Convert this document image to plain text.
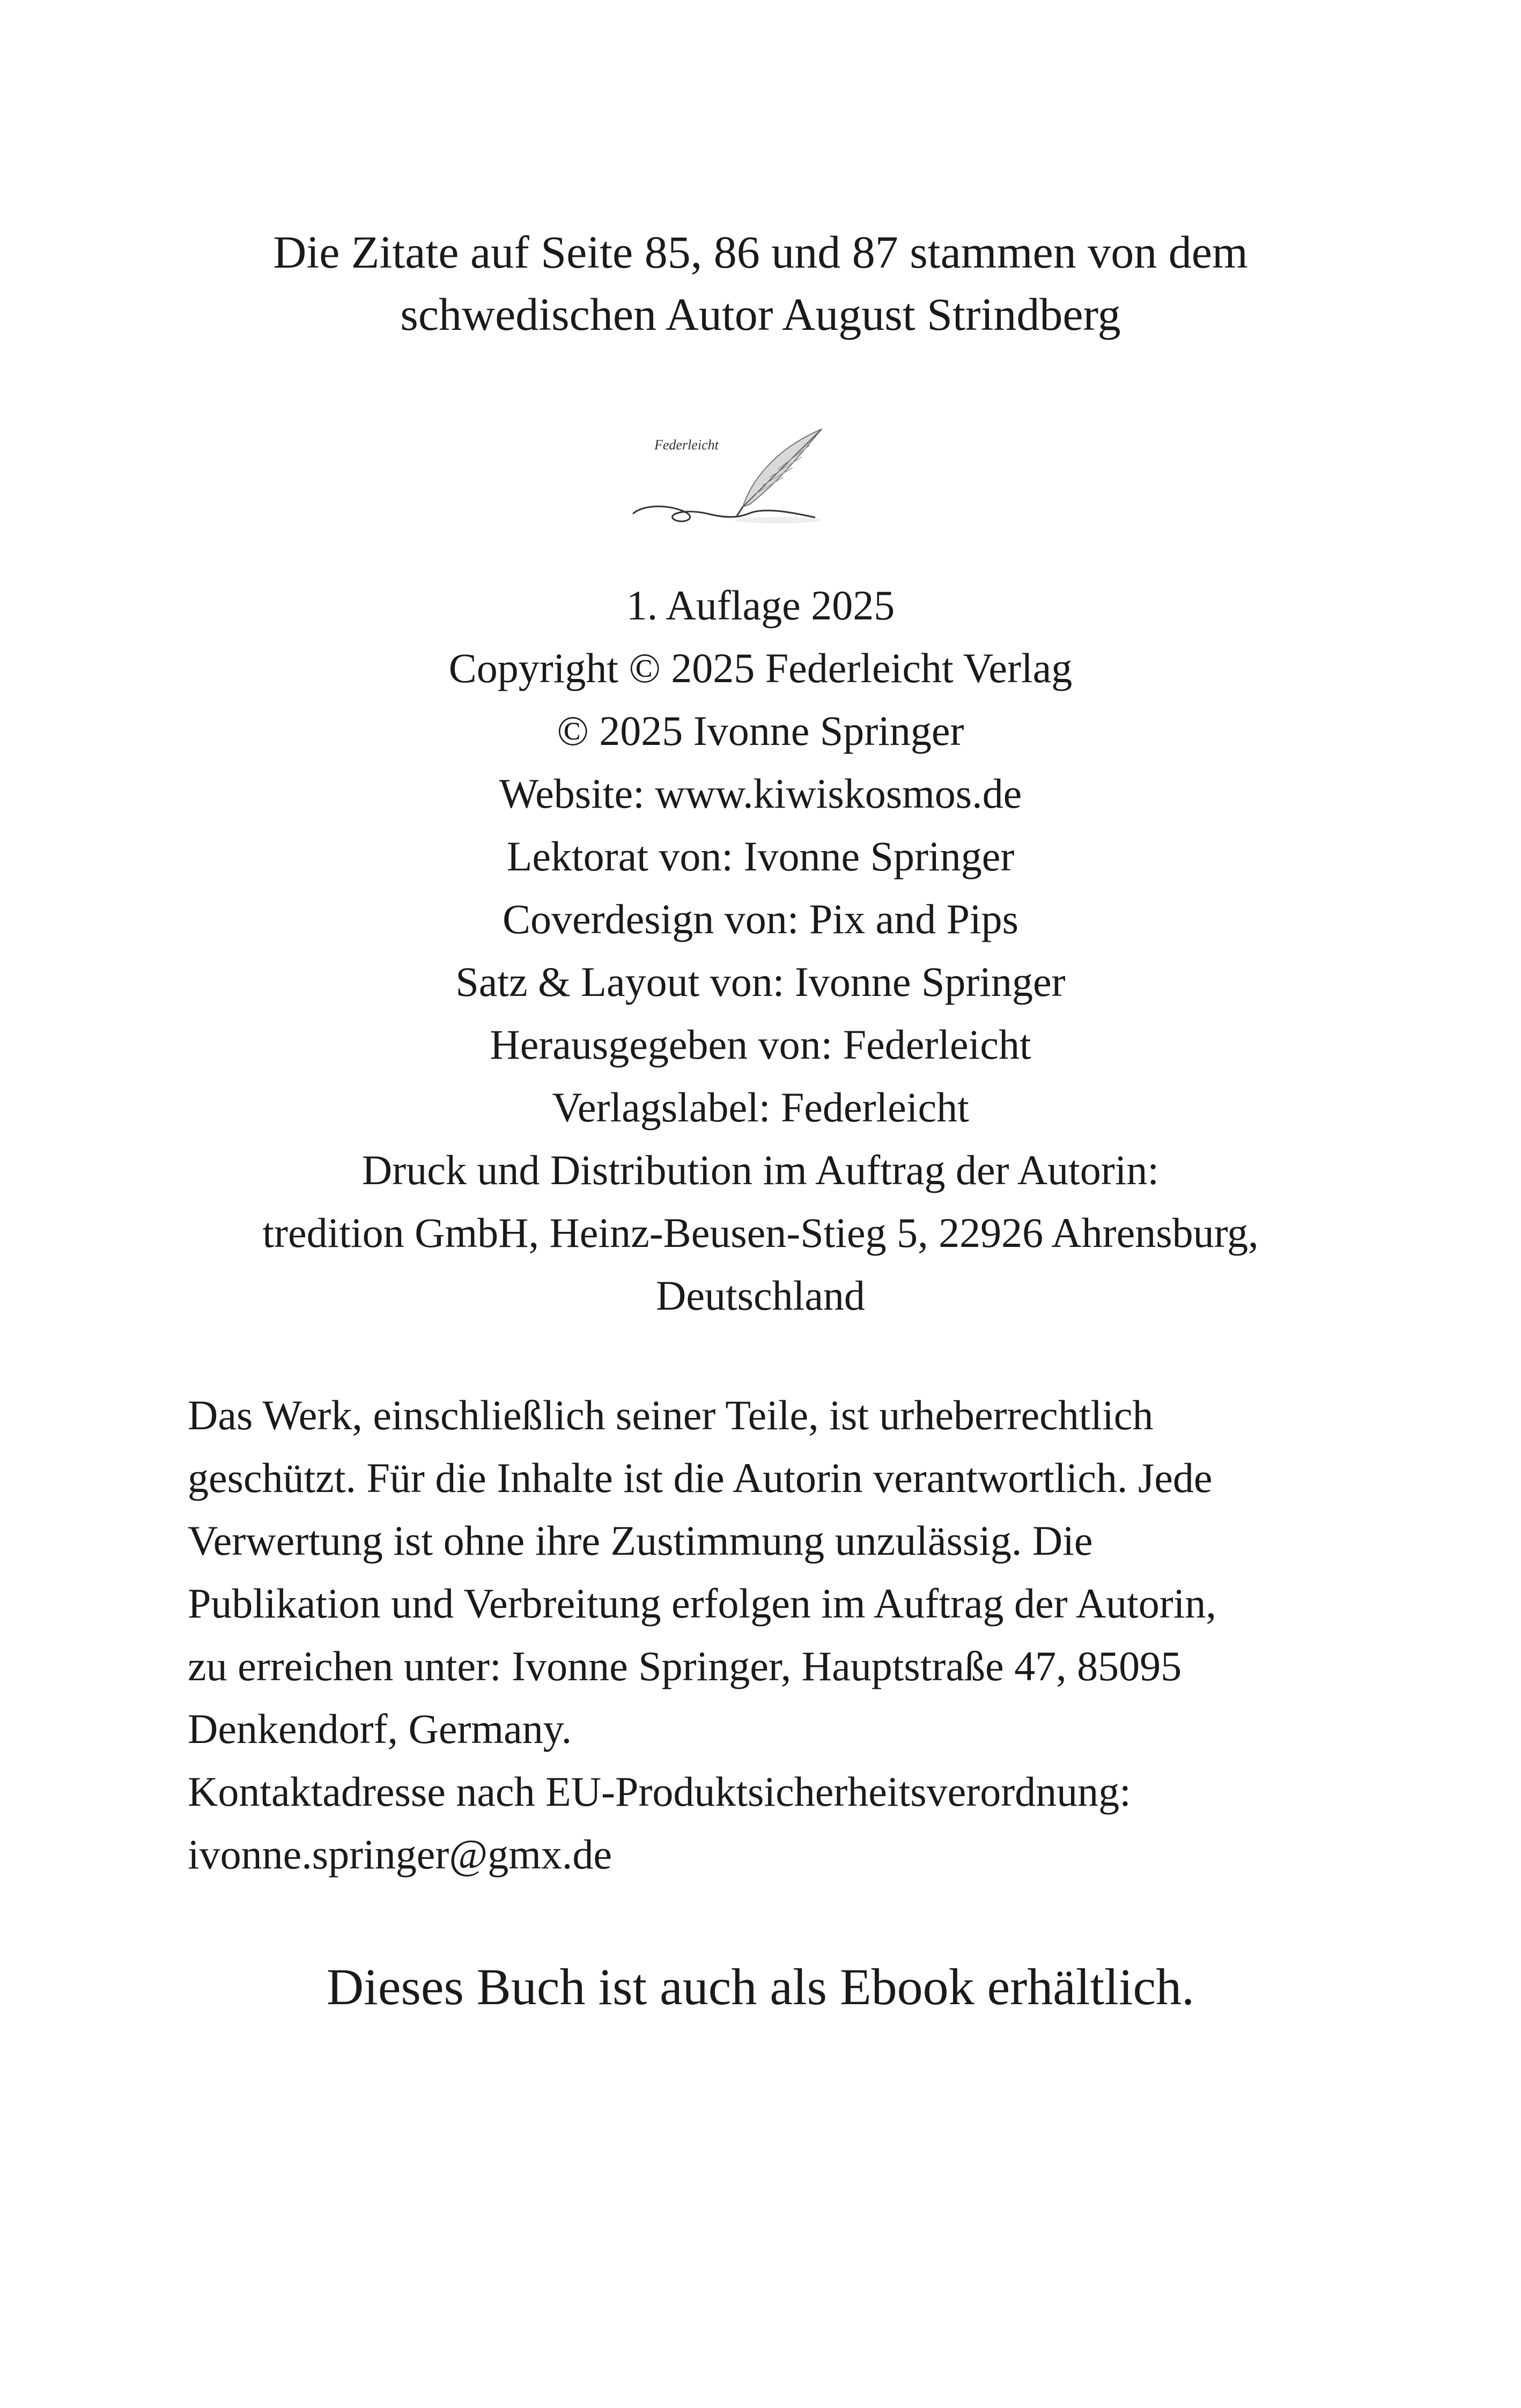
Die Zitate auf Seite 85, 86 und 87 stammen von dem
schwedischen Autor August Strindberg
Federleicht
1. Auflage 2025
Copyright © 2025 Federleicht Verlag
© 2025 Ivonne Springer
Website: www.kiwiskosmos.de
Lektorat von: Ivonne Springer
Coverdesign von: Pix and Pips
Satz & Layout von: Ivonne Springer
Herausgegeben von: Federleicht
Verlagslabel: Federleicht
Druck und Distribution im Auftrag der Autorin:
tredition GmbH, Heinz-Beusen-Stieg 5, 22926 Ahrensburg,
Deutschland
Das Werk, einschließlich seiner Teile, ist urheberrechtlich
geschützt. Für die Inhalte ist die Autorin verantwortlich. Jede
Verwertung ist ohne ihre Zustimmung unzulässig. Die
Publikation und Verbreitung erfolgen im Auftrag der Autorin,
zu erreichen unter: Ivonne Springer, Hauptstraße 47, 85095
Denkendorf, Germany.
Kontaktadresse nach EU-Produktsicherheitsverordnung:
ivonne.springer@gmx.de
Dieses Buch ist auch als Ebook erhältlich.
